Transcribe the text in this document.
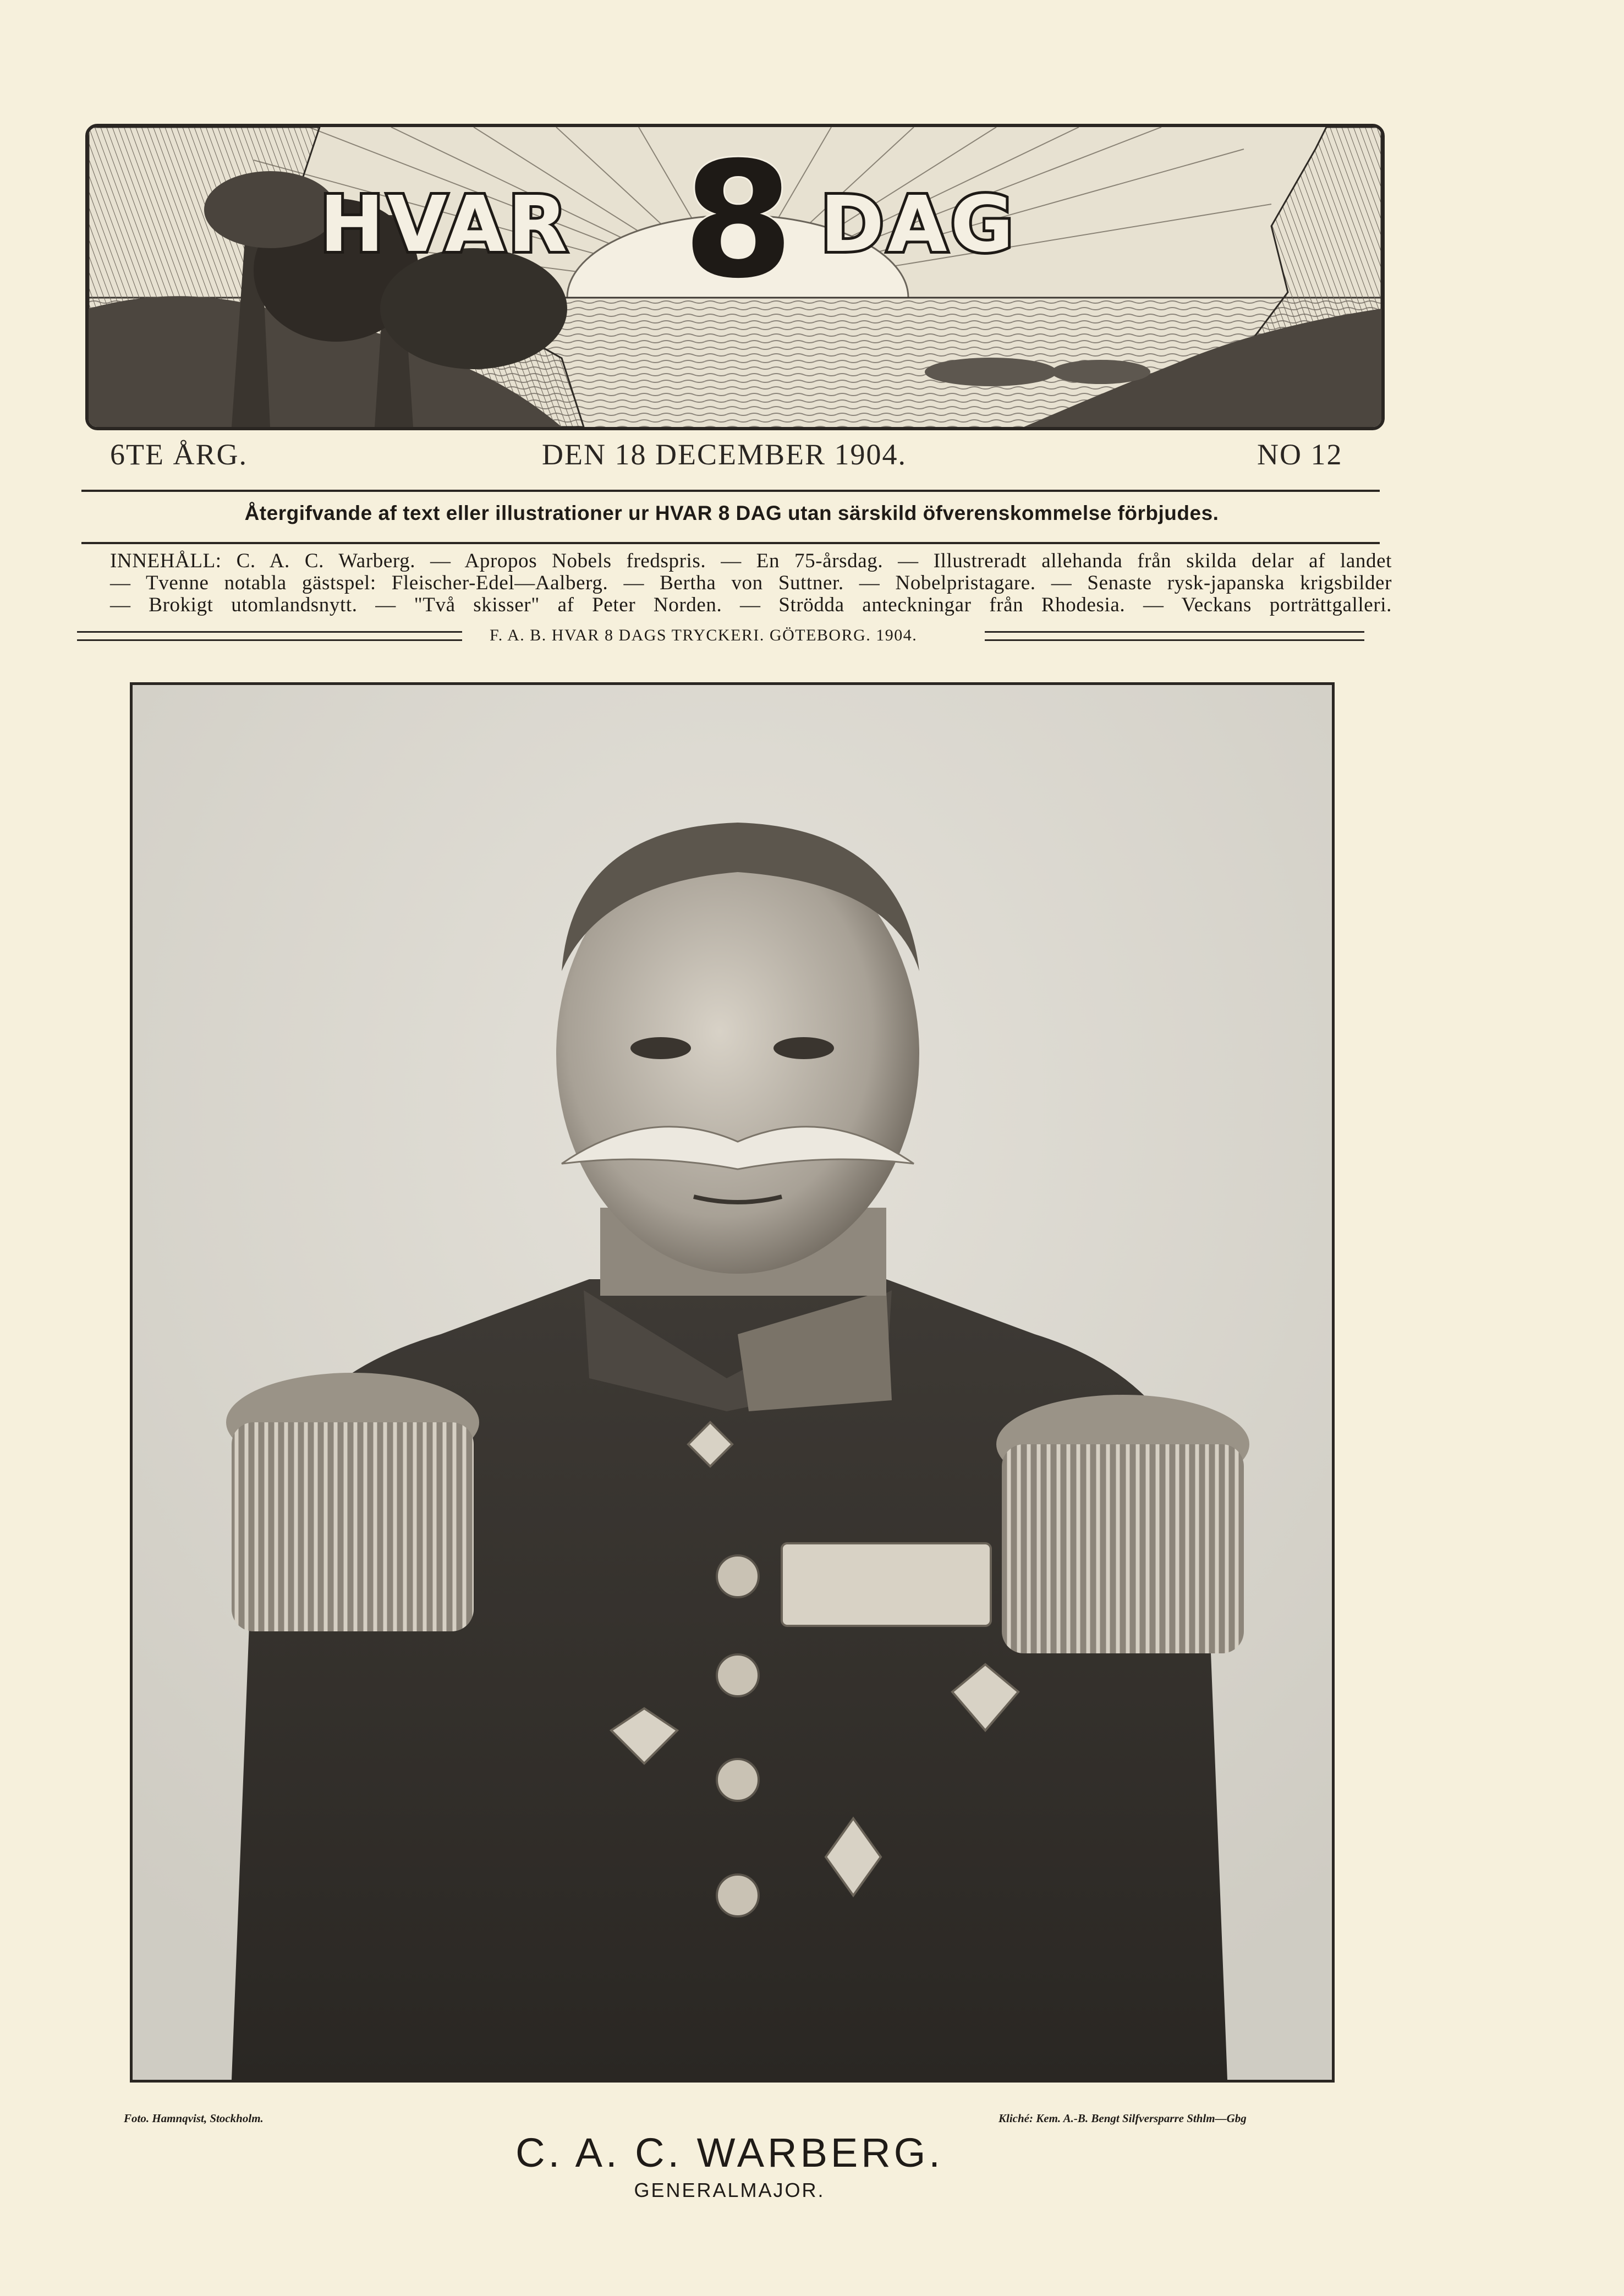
HVAR 8 DAG
6TE ÅRG.	DEN 18 DECEMBER 1904.	NO 12
Återgifvande af text eller illustrationer ur HVAR 8 DAG utan särskild öfverenskommelse förbjudes.
INNEHÅLL: C. A. C. Warberg. — Apropos Nobels fredspris. — En 75-årsdag. — Illustreradt allehanda från skilda delar af landet
— Tvenne notabla gästspel: Fleischer-Edel—Aalberg. — Bertha von Suttner. — Nobelpristagare. — Senaste rysk-japanska krigsbilder
— Brokigt utomlandsnytt. — "Två skisser" af Peter Norden. — Strödda anteckningar från Rhodesia. — Veckans porträttgalleri.
F. A. B. HVAR 8 DAGS TRYCKERI. GÖTEBORG. 1904.
Foto. Hamnqvist, Stockholm.	Kliché: Kem. A.-B. Bengt Silfversparre Sthlm—Gbg
C. A. C. WARBERG.
GENERALMAJOR.
